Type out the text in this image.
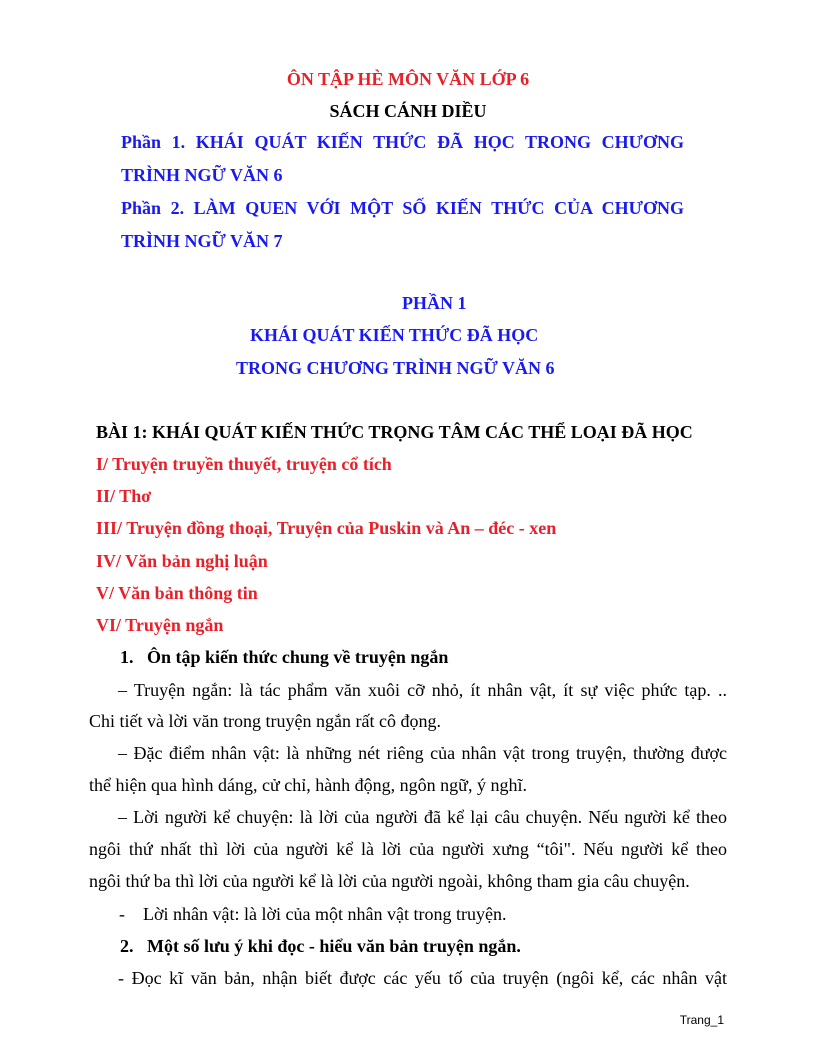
ÔN TẬP HÈ MÔN VĂN LỚP 6
SÁCH CÁNH DIỀU
Phần 1. KHÁI QUÁT KIẾN THỨC ĐÃ HỌC TRONG CHƯƠNG
TRÌNH NGỮ VĂN 6
Phần 2. LÀM QUEN VỚI MỘT SỐ KIẾN THỨC CỦA CHƯƠNG
TRÌNH NGỮ VĂN 7
PHẦN 1
KHÁI QUÁT KIẾN THỨC ĐÃ HỌC
TRONG CHƯƠNG TRÌNH NGỮ VĂN 6
BÀI 1: KHÁI QUÁT KIẾN THỨC TRỌNG TÂM CÁC THỂ LOẠI ĐÃ HỌC
I/ Truyện truyền thuyết, truyện cổ tích
II/ Thơ
III/ Truyện đồng thoại, Truyện của Puskin và An – đéc - xen
IV/ Văn bản nghị luận
V/ Văn bản thông tin
VI/ Truyện ngắn
1.   Ôn tập kiến thức chung về truyện ngắn
– Truyện ngắn: là tác phẩm văn xuôi cỡ nhỏ, ít nhân vật, ít sự việc phức tạp. ..
Chi tiết và lời văn trong truyện ngắn rất cô đọng.
– Đặc điểm nhân vật: là những nét riêng của nhân vật trong truyện, thường được
thể hiện qua hình dáng, cử chỉ, hành động, ngôn ngữ, ý nghĩ.
– Lời người kể chuyện: là lời của người đã kể lại câu chuyện. Nếu người kể theo
ngôi thứ nhất thì lời của người kể là lời của người xưng “tôi". Nếu người kể theo
ngôi thứ ba thì lời của người kể là lời của người ngoài, không tham gia câu chuyện.
-    Lời nhân vật: là lời của một nhân vật trong truyện.
2.   Một số lưu ý khi đọc - hiểu văn bản truyện ngắn.
- Đọc kĩ văn bản, nhận biết được các yếu tố của truyện (ngôi kể, các nhân vật
Trang_1
